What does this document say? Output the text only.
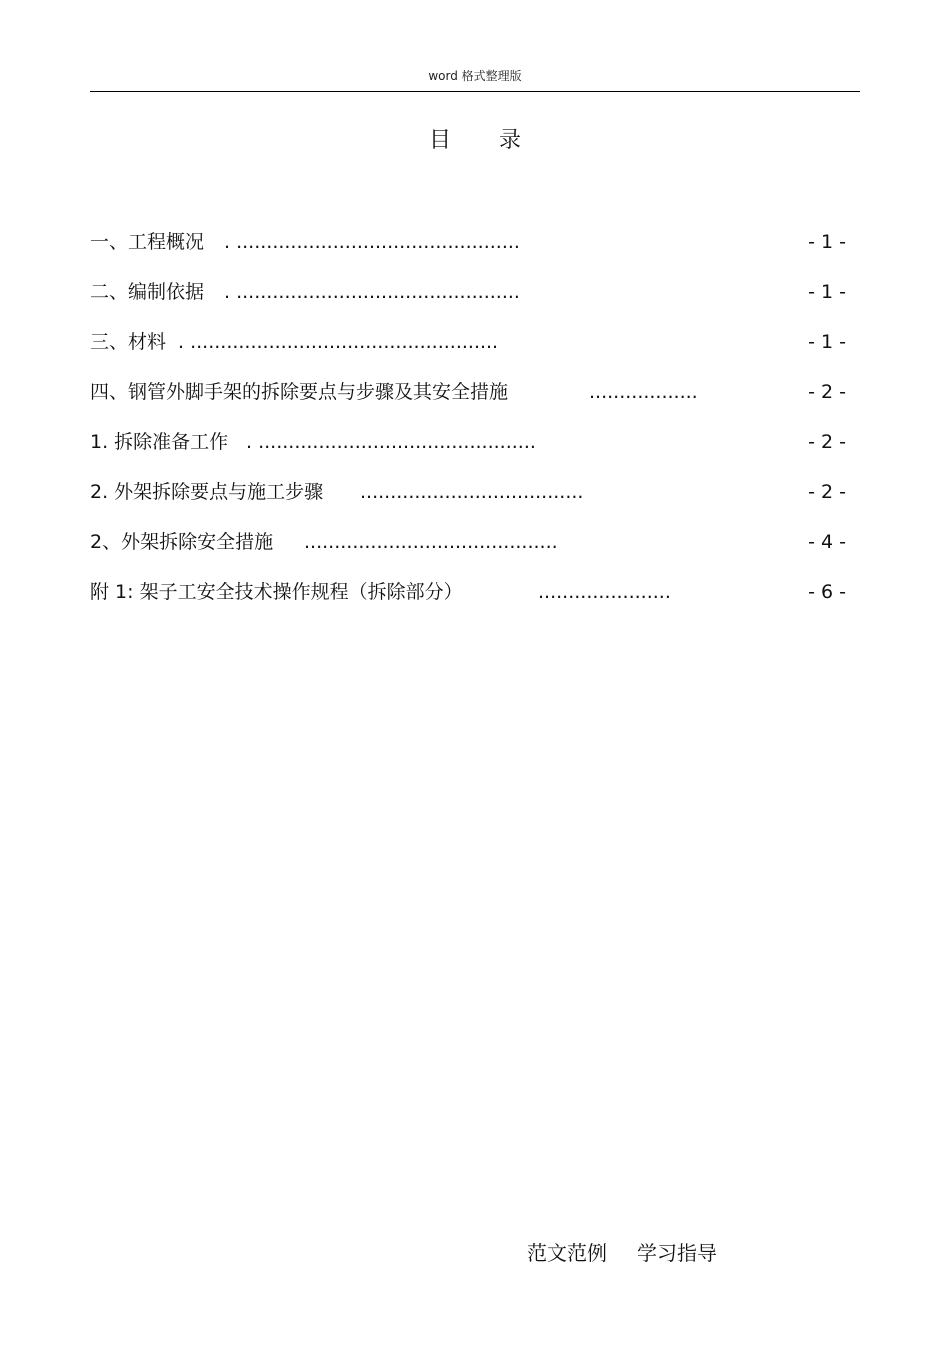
word 格式整理版
目 录
一、工程概况 . ...............................................	- 1 -
二、编制依据 . ...............................................	- 1 -
三、材料 . ...................................................	- 1 -
四、钢管外脚手架的拆除要点与步骤及其安全措施	..................	- 2 -
1. 拆除准备工作 . ..............................................	- 2 -
2. 外架拆除要点与施工步骤 .....................................	- 2 -
2、外架拆除安全措施 ..........................................	- 4 -
附 1: 架子工安全技术操作规程（拆除部分）	......................	- 6 -
范文范例 学习指导
